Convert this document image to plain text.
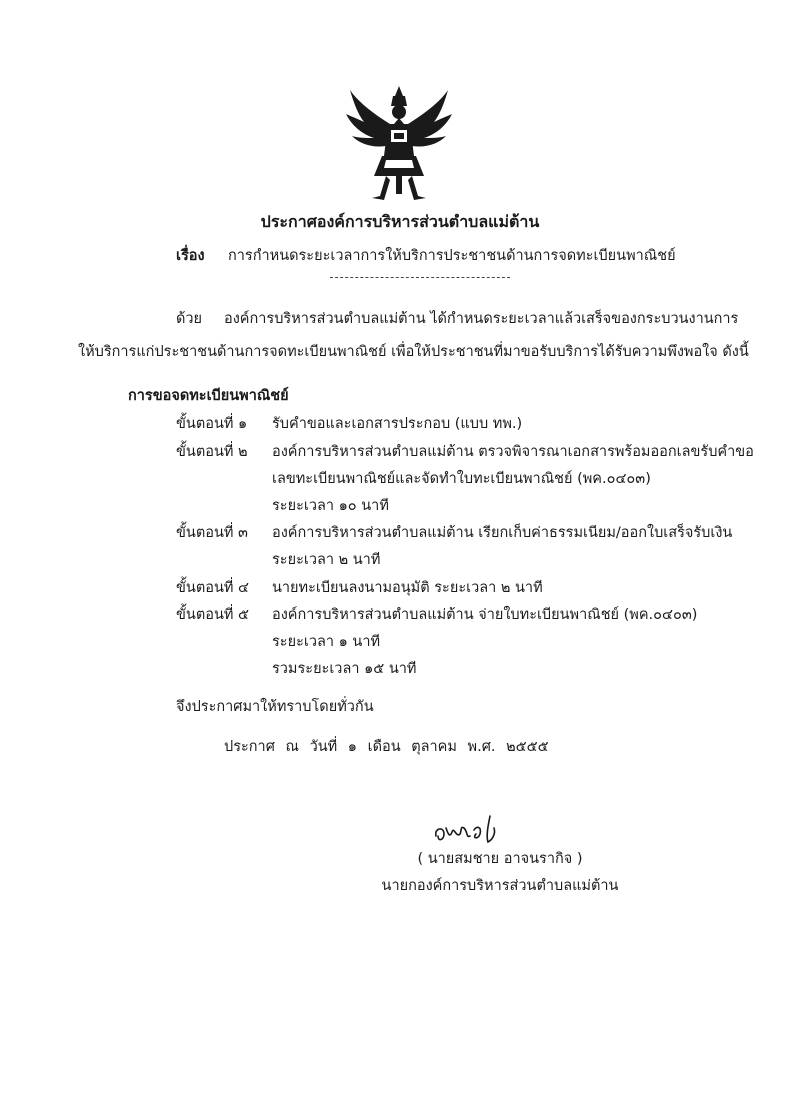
ประกาศองค์การบริหารส่วนตำบลแม่ต้าน
เรื่อง การกำหนดระยะเวลาการให้บริการประชาชนด้านการจดทะเบียนพาณิชย์
ด้วย องค์การบริหารส่วนตำบลแม่ต้าน ได้กำหนดระยะเวลาแล้วเสร็จของกระบวนงานการ
ให้บริการแก่ประชาชนด้านการจดทะเบียนพาณิชย์ เพื่อให้ประชาชนที่มาขอรับบริการได้รับความพึงพอใจ ดังนี้
การขอจดทะเบียนพาณิชย์
ขั้นตอนที่ ๑ รับคำขอและเอกสารประกอบ (แบบ ทพ.)
ขั้นตอนที่ ๒ องค์การบริหารส่วนตำบลแม่ต้าน ตรวจพิจารณาเอกสารพร้อมออกเลขรับคำขอ
เลขทะเบียนพาณิชย์และจัดทำใบทะเบียนพาณิชย์ (พค.๐๔๐๓)
ระยะเวลา ๑๐ นาที
ขั้นตอนที่ ๓ องค์การบริหารส่วนตำบลแม่ต้าน เรียกเก็บค่าธรรมเนียม/ออกใบเสร็จรับเงิน
ระยะเวลา ๒ นาที
ขั้นตอนที่ ๔ นายทะเบียนลงนามอนุมัติ ระยะเวลา ๒ นาที
ขั้นตอนที่ ๕ องค์การบริหารส่วนตำบลแม่ต้าน จ่ายใบทะเบียนพาณิชย์ (พค.๐๔๐๓)
ระยะเวลา ๑ นาที
รวมระยะเวลา ๑๕ นาที
จึงประกาศมาให้ทราบโดยทั่วกัน
ประกาศ ณ วันที่ ๑ เดือน ตุลาคม พ.ศ. ๒๕๕๕
( นายสมชาย อาจนรากิจ )
นายกองค์การบริหารส่วนตำบลแม่ต้าน
